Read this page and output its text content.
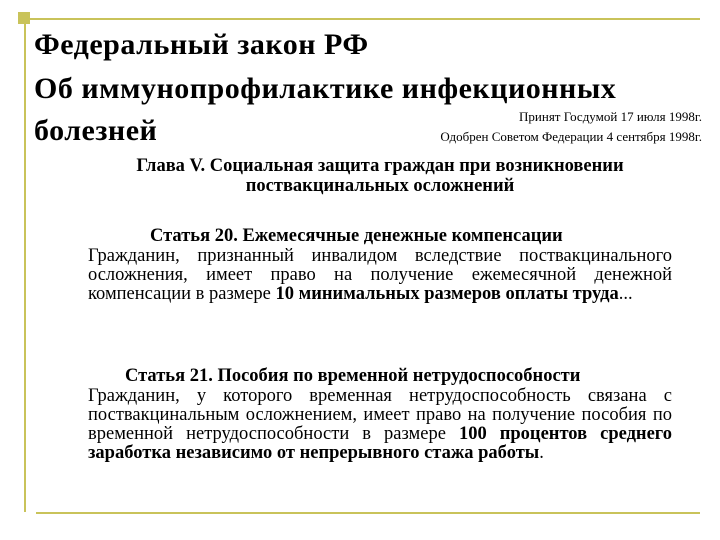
Федеральный закон РФ
Об иммунопрофилактике инфекционных
болезней	Принят Госдумой 17 июля 1998г.
Одобрен Советом Федерации 4 сентября 1998г.
Глава V. Социальная защита граждан при возникновении поствакцинальных осложнений
Статья 20. Ежемесячные денежные компенсации
Гражданин, признанный инвалидом вследствие поствакцинального осложнения, имеет право на получение ежемесячной денежной компенсации в размере 10 минимальных размеров оплаты труда...
Статья 21. Пособия по временной нетрудоспособности
Гражданин, у которого временная нетрудоспособность связана с поствакцинальным осложнением, имеет право на получение пособия по временной нетрудоспособности в размере 100 процентов среднего заработка независимо от непрерывного стажа работы.
